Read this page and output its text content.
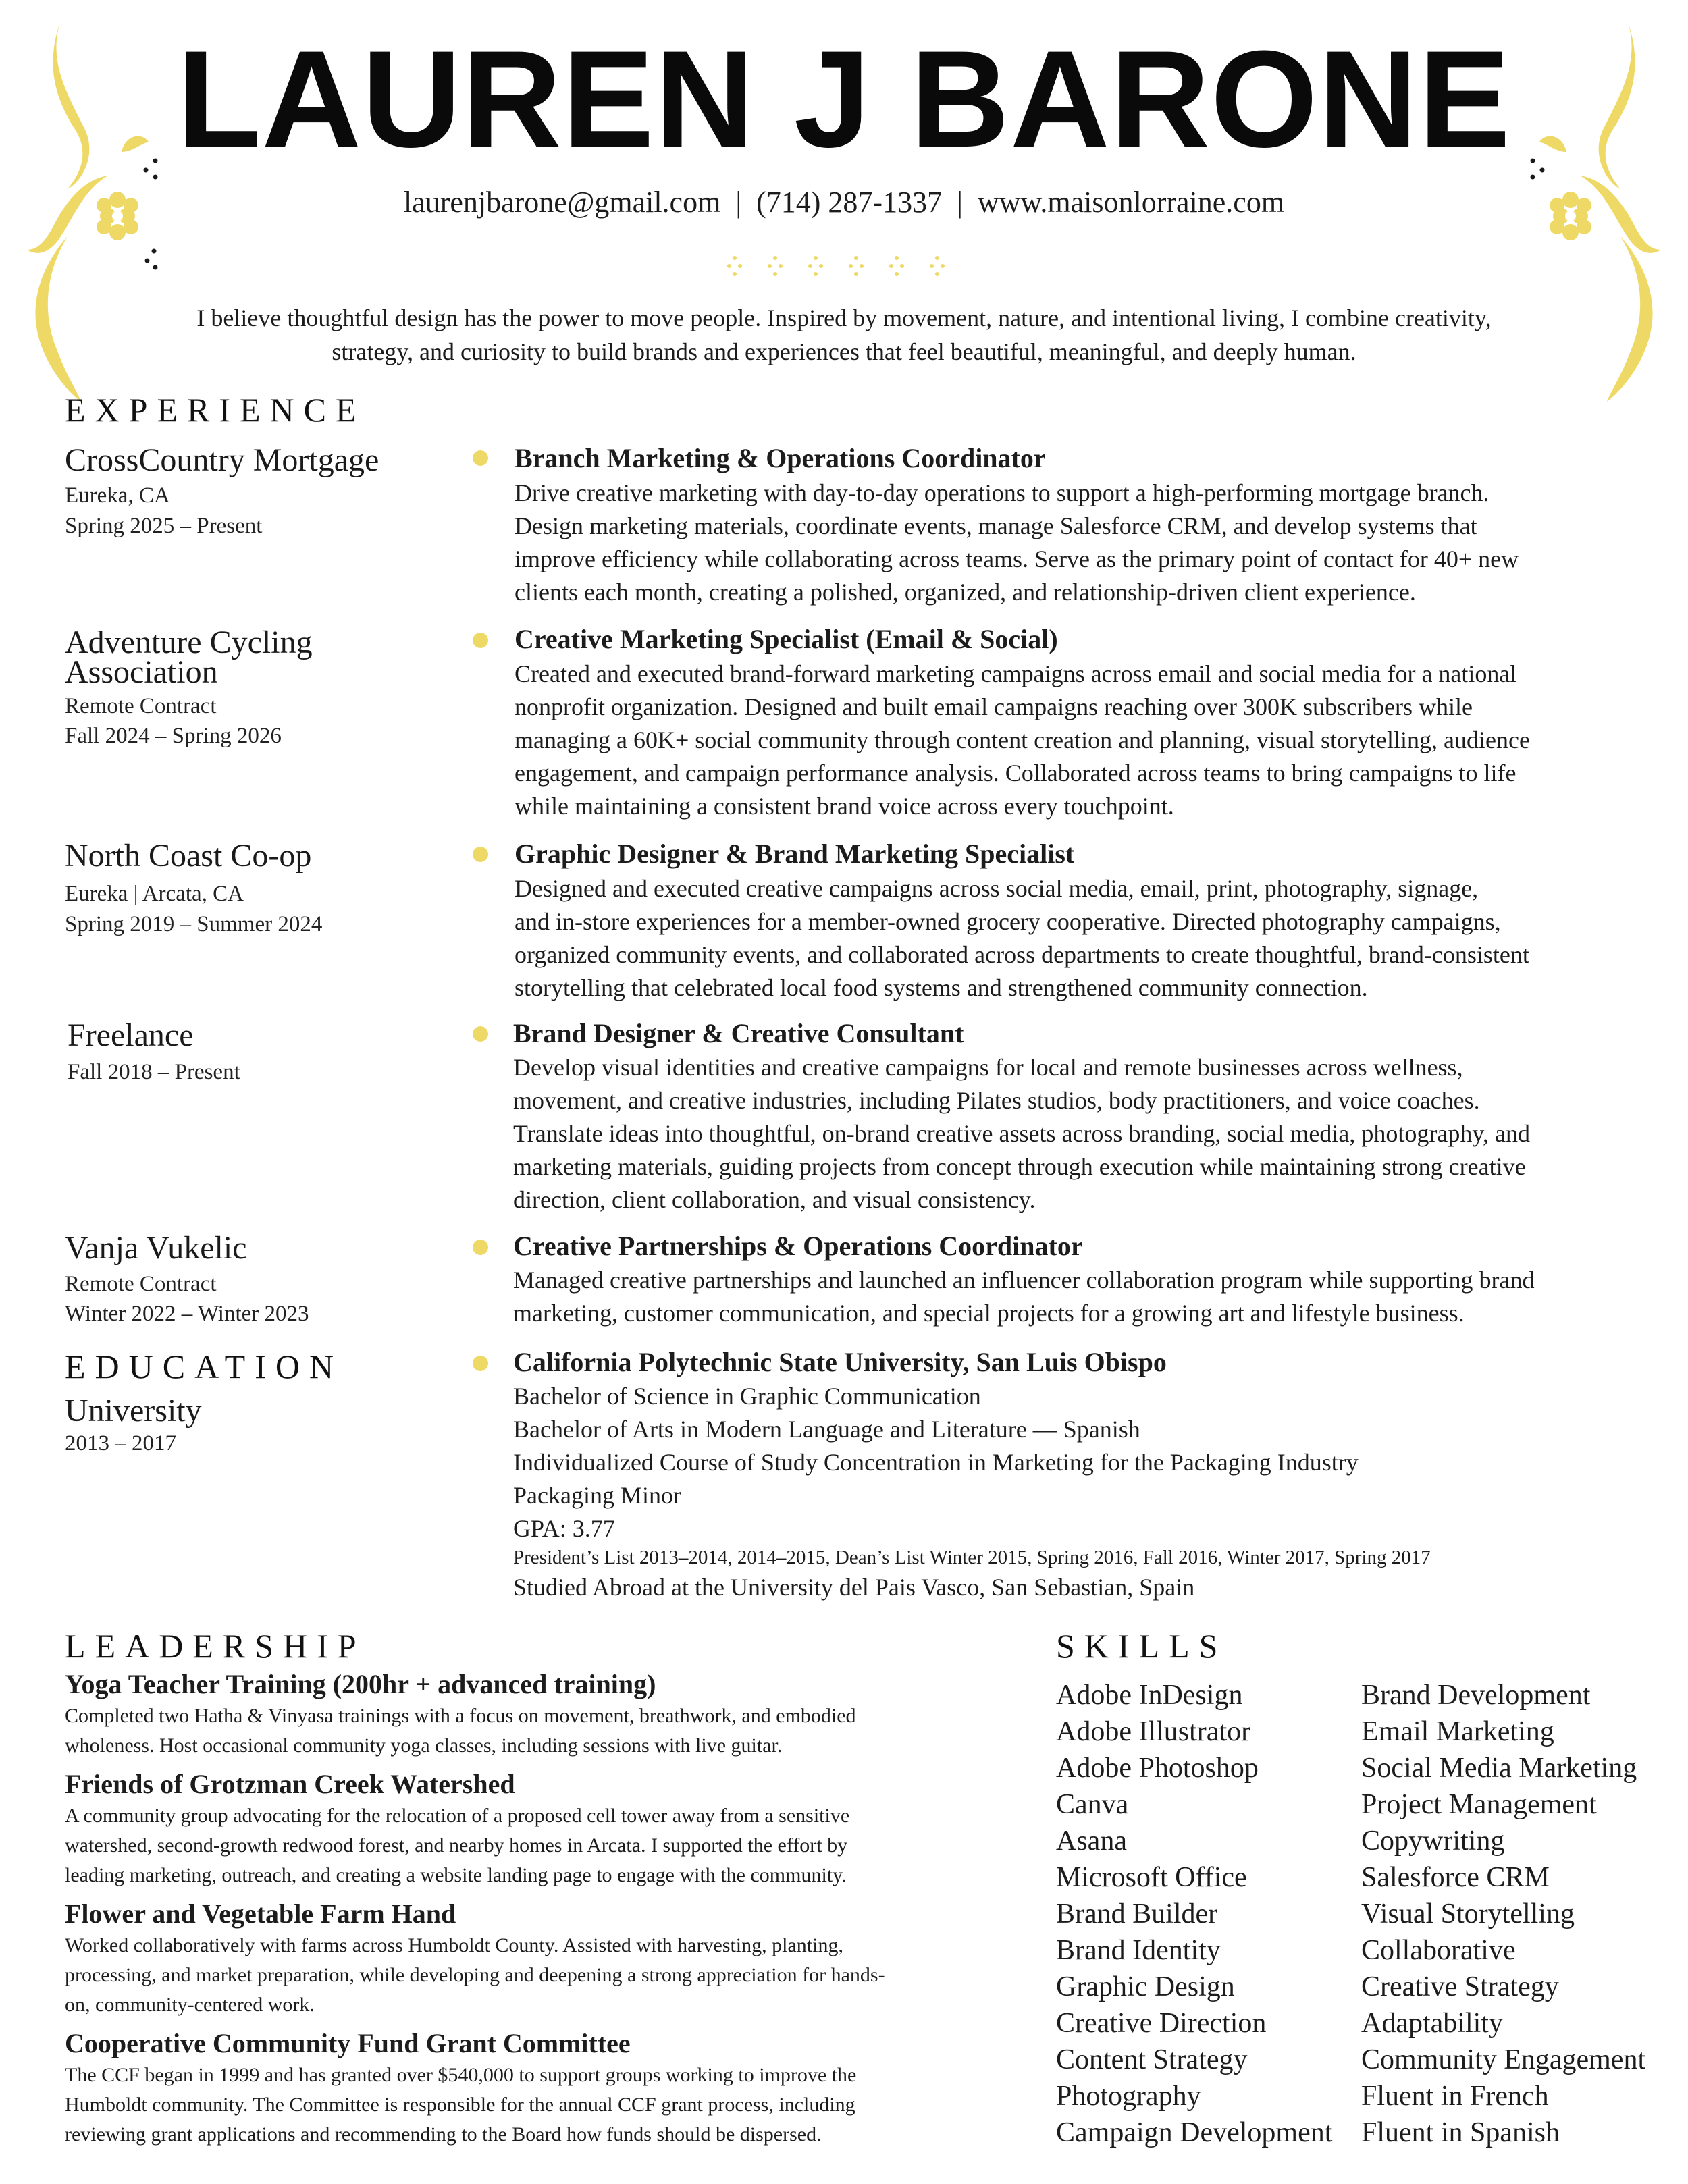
LAUREN J BARONE
laurenjbarone@gmail.com | (714) 287-1337 | www.maisonlorraine.com
I believe thoughtful design has the power to move people. Inspired by movement, nature, and intentional living, I combine creativity, strategy, and curiosity to build brands and experiences that feel beautiful, meaningful, and deeply human.
EXPERIENCE
CrossCountry Mortgage
Eureka, CA
Spring 2025 – Present
Branch Marketing & Operations Coordinator
Drive creative marketing with day-to-day operations to support a high-performing mortgage branch.
Design marketing materials, coordinate events, manage Salesforce CRM, and develop systems that
improve efficiency while collaborating across teams. Serve as the primary point of contact for 40+ new
clients each month, creating a polished, organized, and relationship-driven client experience.
Adventure Cycling
Association
Remote Contract
Fall 2024 – Spring 2026
Creative Marketing Specialist (Email & Social)
Created and executed brand-forward marketing campaigns across email and social media for a national
nonprofit organization. Designed and built email campaigns reaching over 300K subscribers while
managing a 60K+ social community through content creation and planning, visual storytelling, audience
engagement, and campaign performance analysis. Collaborated across teams to bring campaigns to life
while maintaining a consistent brand voice across every touchpoint.
North Coast Co-op
Eureka | Arcata, CA
Spring 2019 – Summer 2024
Graphic Designer & Brand Marketing Specialist
Designed and executed creative campaigns across social media, email, print, photography, signage,
and in-store experiences for a member-owned grocery cooperative. Directed photography campaigns,
organized community events, and collaborated across departments to create thoughtful, brand-consistent
storytelling that celebrated local food systems and strengthened community connection.
Freelance
Fall 2018 – Present
Brand Designer & Creative Consultant
Develop visual identities and creative campaigns for local and remote businesses across wellness,
movement, and creative industries, including Pilates studios, body practitioners, and voice coaches.
Translate ideas into thoughtful, on-brand creative assets across branding, social media, photography, and
marketing materials, guiding projects from concept through execution while maintaining strong creative
direction, client collaboration, and visual consistency.
Vanja Vukelic
Remote Contract
Winter 2022 – Winter 2023
Creative Partnerships & Operations Coordinator
Managed creative partnerships and launched an influencer collaboration program while supporting brand
marketing, customer communication, and special projects for a growing art and lifestyle business.
EDUCATION
University
2013 – 2017
California Polytechnic State University, San Luis Obispo
Bachelor of Science in Graphic Communication
Bachelor of Arts in Modern Language and Literature — Spanish
Individualized Course of Study Concentration in Marketing for the Packaging Industry
Packaging Minor
GPA: 3.77
President’s List 2013–2014, 2014–2015, Dean’s List Winter 2015, Spring 2016, Fall 2016, Winter 2017, Spring 2017
Studied Abroad at the University del Pais Vasco, San Sebastian, Spain
LEADERSHIP
Yoga Teacher Training (200hr + advanced training)
Completed two Hatha & Vinyasa trainings with a focus on movement, breathwork, and embodied
wholeness. Host occasional community yoga classes, including sessions with live guitar.
Friends of Grotzman Creek Watershed
A community group advocating for the relocation of a proposed cell tower away from a sensitive
watershed, second-growth redwood forest, and nearby homes in Arcata. I supported the effort by
leading marketing, outreach, and creating a website landing page to engage with the community.
Flower and Vegetable Farm Hand
Worked collaboratively with farms across Humboldt County. Assisted with harvesting, planting,
processing, and market preparation, while developing and deepening a strong appreciation for hands-
on, community-centered work.
Cooperative Community Fund Grant Committee
The CCF began in 1999 and has granted over $540,000 to support groups working to improve the
Humboldt community. The Committee is responsible for the annual CCF grant process, including
reviewing grant applications and recommending to the Board how funds should be dispersed.
SKILLS
Adobe InDesign
Adobe Illustrator
Adobe Photoshop
Canva
Asana
Microsoft Office
Brand Builder
Brand Identity
Graphic Design
Creative Direction
Content Strategy
Photography
Campaign Development
Brand Development
Email Marketing
Social Media Marketing
Project Management
Copywriting
Salesforce CRM
Visual Storytelling
Collaborative
Creative Strategy
Adaptability
Community Engagement
Fluent in French
Fluent in Spanish
